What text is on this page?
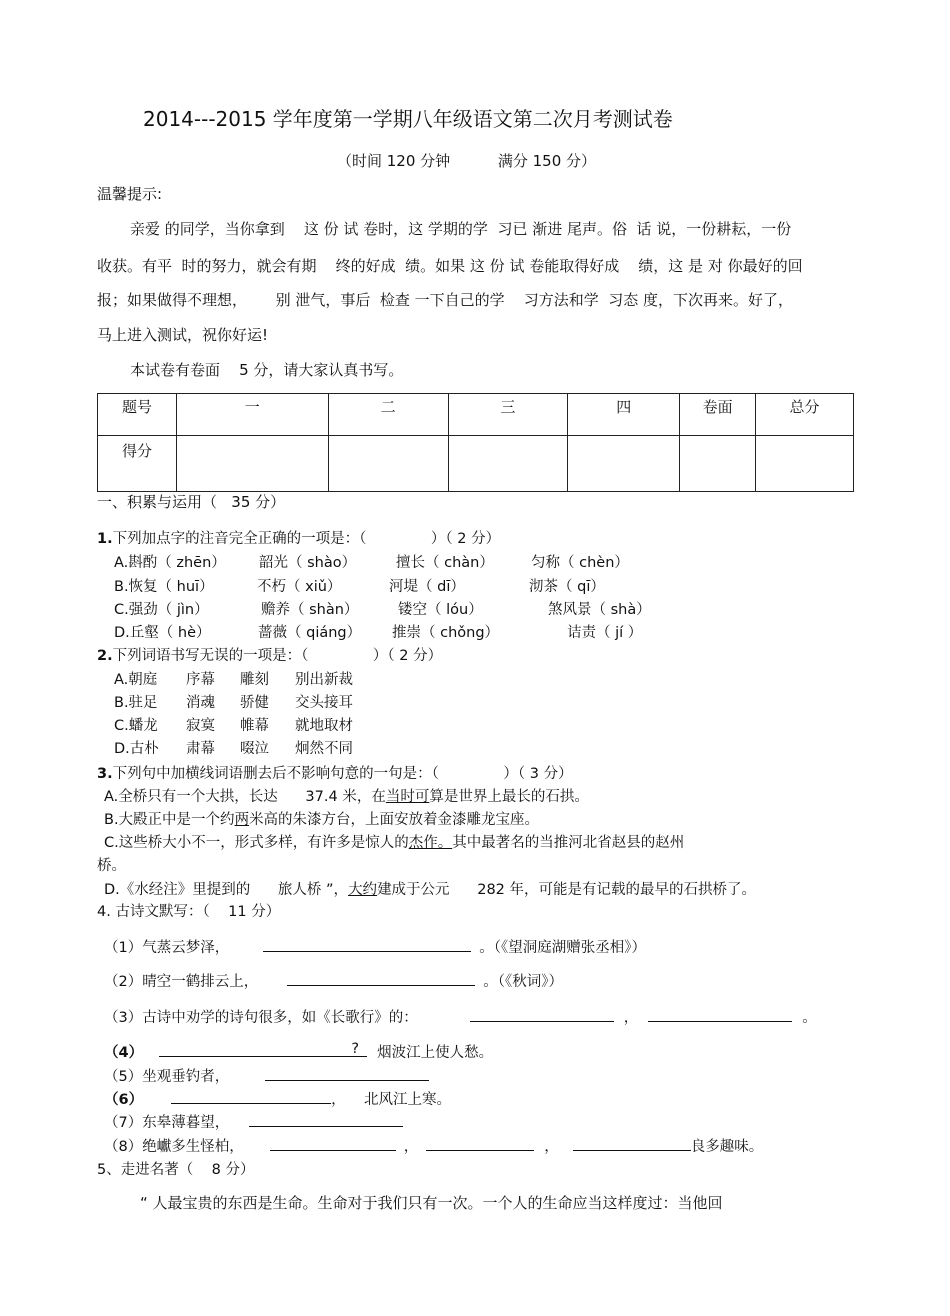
2014---2015 学年度第一学期八年级语文第二次月考测试卷
（时间 120 分钟          满分 150 分）
温馨提示:
亲爱 的同学，当你拿到    这 份 试 卷时，这 学期的学  习已 渐进 尾声。俗  话 说，一份耕耘，一份
收获。有平  时的努力，就会有期    终的好成  绩。如果 这 份 试 卷能取得好成    绩，这 是 对 你最好的回
报；如果做得不理想，      别 泄气，事后  检查 一下自己的学    习方法和学  习态 度，下次再来。好了，
马上进入测试，祝你好运!
本试卷有卷面    5 分，请大家认真书写。
题号	一	二	三	四	卷面	总分
得分						
一、积累与运用（   35 分）
1.下列加点字的注音完全正确的一项是：（              ）（ 2 分）
A.斟酌（ zhēn） 韶光（ shào）	擅长（ chàn）	匀称（ chèn）
B.恢复（ huī）	不朽（ xiǔ）	河堤（ dī）	沏茶（ qī）
C.强劲（ jìn）	赡养（ shàn）	镂空（ lóu）	煞风景（ shà）
D.丘壑（ hè）	蔷薇（ qiáng） 推崇（ chǒng）	诘责（ jí ）
2.下列词语书写无误的一项是：（              ）（ 2 分）
A.朝庭 序幕 雕刻 别出新裁
B.驻足 消魂 骄健 交头接耳
C.蟠龙 寂寞 帷幕 就地取材
D.古朴 肃幕 啜泣 炯然不同
3.下列句中加横线词语删去后不影响句意的一句是：（              ）（ 3 分）
A.全桥只有一个大拱，长达      37.4 米，在当时可算是世界上最长的石拱。
B.大殿正中是一个约两米高的朱漆方台，上面安放着金漆雕龙宝座。
C.这些桥大小不一，形式多样，有许多是惊人的杰作。其中最著名的当推河北省赵县的赵州
桥。
D.《水经注》里提到的      旅人桥 ”，大约建成于公元      282 年，可能是有记载的最早的石拱桥了。
4. 古诗文默写：（    11 分）
（1）气蒸云梦泽，	。（《望洞庭湖赠张丞相》）
（2）晴空一鹤排云上，	。（《秋词》）
（3）古诗中劝学的诗句很多，如《长歌行》的：	，	。
（4）	? 烟波江上使人愁。
（5）坐观垂钓者，
（6）	，    北风江上寒。
（7）东皋薄暮望，
（8）绝巘多生怪柏，	，	，	良多趣味。
5、走进名著（    8 分）
“ 人最宝贵的东西是生命。生命对于我们只有一次。一个人的生命应当这样度过：当他回
